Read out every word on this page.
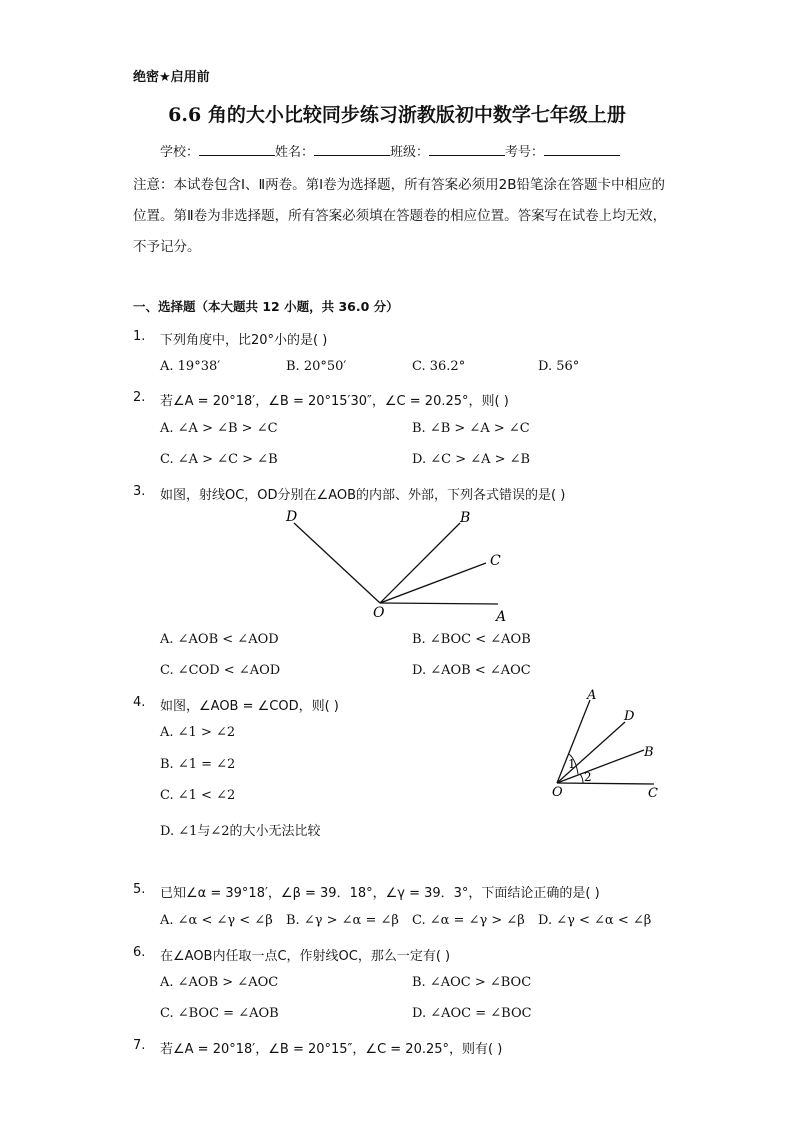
绝密★启用前
6.6 角的大小比较同步练习浙教版初中数学七年级上册
学校：	姓名：	班级：	考号：
注意：本试卷包含Ⅰ、Ⅱ两卷。第Ⅰ卷为选择题，所有答案必须用2B铅笔涂在答题卡中相应的位置。第Ⅱ卷为非选择题，所有答案必须填在答题卷的相应位置。答案写在试卷上均无效，不予记分。
一、选择题（本大题共 12 小题，共 36.0 分）
1. 下列角度中，比20°小的是( )
A. 19°38′	B. 20°50′	C. 36.2°	D. 56°
2. 若∠A = 20°18′，∠B = 20°15′30″，∠C = 20.25°，则( )
A. ∠A > ∠B > ∠C	B. ∠B > ∠A > ∠C
C. ∠A > ∠C > ∠B	D. ∠C > ∠A > ∠B
3. 如图，射线OC，OD分别在∠AOB的内部、外部，下列各式错误的是( )
D	B
C
O	A
A. ∠AOB < ∠AOD	B. ∠BOC < ∠AOB
C. ∠COD < ∠AOD	D. ∠AOB < ∠AOC
4. 如图，∠AOB = ∠COD，则( )
A
D
B
1
2
O	C
A. ∠1 > ∠2
B. ∠1 = ∠2
C. ∠1 < ∠2
D. ∠1与∠2的大小无法比较
5. 已知∠α = 39°18′，∠β = 39．18°，∠γ = 39．3°，下面结论正确的是( )
A. ∠α < ∠γ < ∠β B. ∠γ > ∠α = ∠β C. ∠α = ∠γ > ∠β D. ∠γ < ∠α < ∠β
6. 在∠AOB内任取一点C，作射线OC，那么一定有( )
A. ∠AOB > ∠AOC	B. ∠AOC > ∠BOC
C. ∠BOC = ∠AOB	D. ∠AOC = ∠BOC
7. 若∠A = 20°18′，∠B = 20°15″，∠C = 20.25°，则有( )
